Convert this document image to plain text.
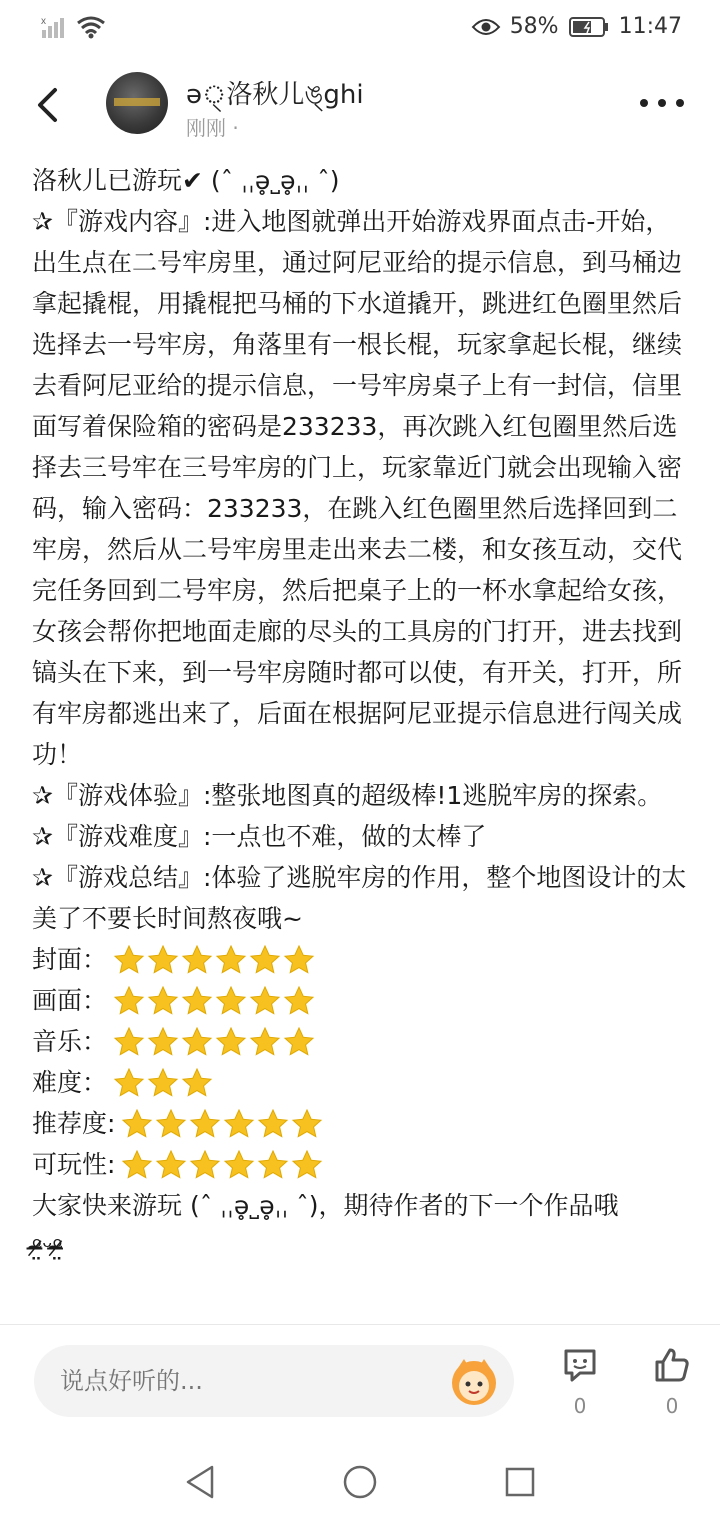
x	58%	11:47
ə্洛秋儿ঙ্ghi
刚刚 ·

洛秋儿已游玩✔ (ˆ ˌˌə̥˽ə̥ˌˌ ˆ)

✰『游戏内容』:进入地图就弹出开始游戏界面点击-开始，出生点在二号牢房里，通过阿尼亚给的提示信息，到马桶边拿起撬棍，用撬棍把马桶的下水道撬开，跳进红色圈里然后选择去一号牢房，角落里有一根长棍，玩家拿起长棍，继续去看阿尼亚给的提示信息，一号牢房桌子上有一封信，信里面写着保险箱的密码是233233，再次跳入红包圈里然后选择去三号牢在三号牢房的门上，玩家靠近门就会出现输入密码，输入密码：233233，在跳入红色圈里然后选择回到二牢房，然后从二号牢房里走出来去二楼，和女孩互动，交代完任务回到二号牢房，然后把桌子上的一杯水拿起给女孩，女孩会帮你把地面走廊的尽头的工具房的门打开，进去找到镐头在下来，到一号牢房随时都可以使，有开关，打开，所有牢房都逃出来了，后面在根据阿尼亚提示信息进行闯关成功！

✰『游戏体验』:整张地图真的超级棒!1逃脱牢房的探索。

✰『游戏难度』:一点也不难，做的太棒了

✰『游戏总结』:体验了逃脱牢房的作用，整个地图设计的太美了不要长时间熬夜哦~

封面：
画面：
音乐：
难度：
推荐度:
可玩性:

大家快来游玩 (ˆ ˌˌə̥˽ə̥ˌˌ ˆ)，期待作者的下一个作品哦

ᵒ̴̶̷̤ᵕᵒ̴̶̷̤
说点好听的...
0	0
